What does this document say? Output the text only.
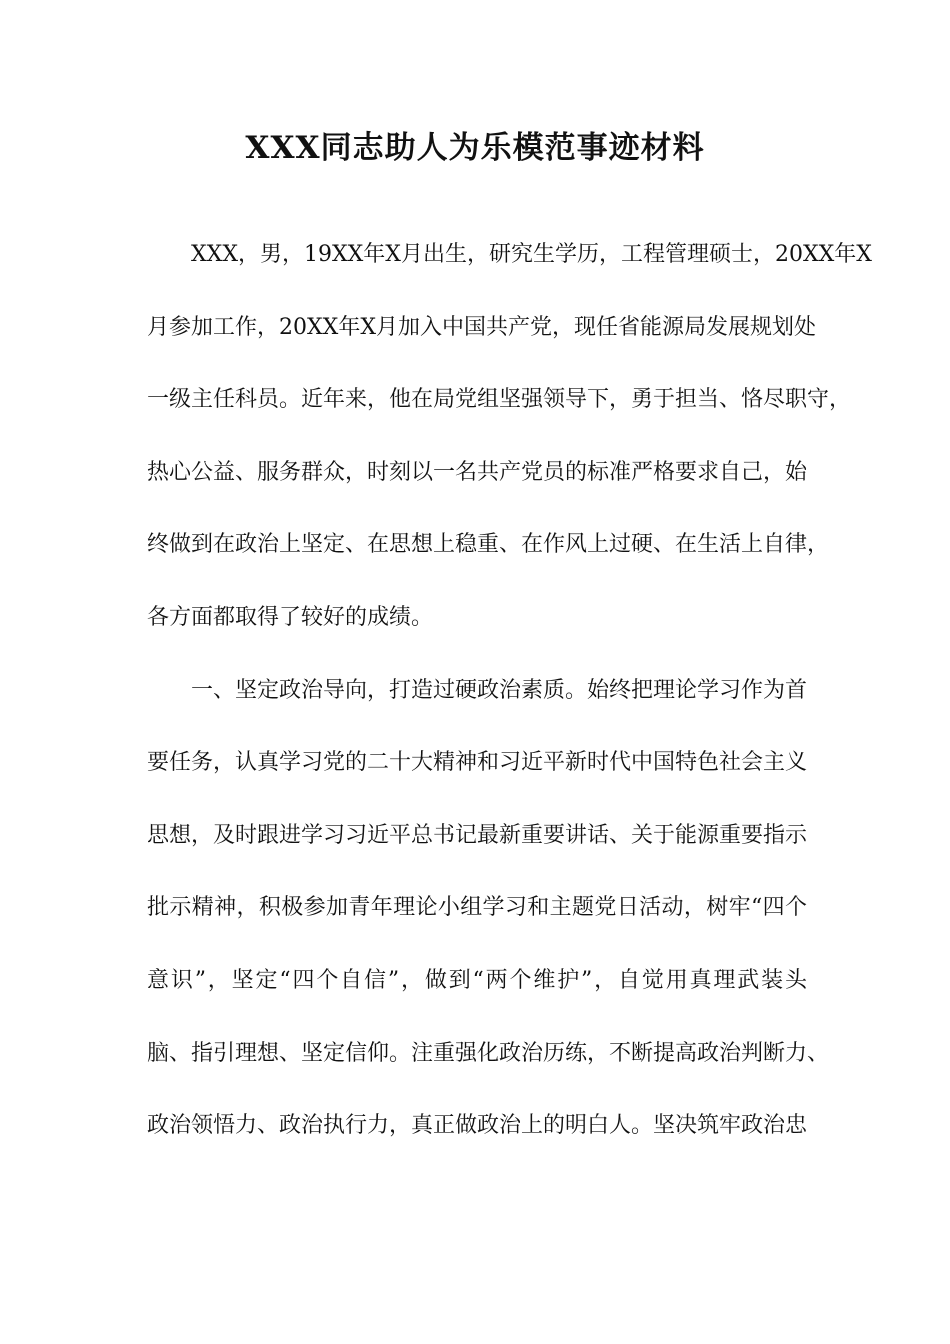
XXX同志助人为乐模范事迹材料
XXX，男，19XX年X月出生，研究生学历，工程管理硕士，20XX年X
月参加工作，20XX年X月加入中国共产党，现任省能源局发展规划处
一级主任科员。近年来，他在局党组坚强领导下，勇于担当、恪尽职守，
热心公益、服务群众，时刻以一名共产党员的标准严格要求自己，始
终做到在政治上坚定、在思想上稳重、在作风上过硬、在生活上自律，
各方面都取得了较好的成绩。
一、坚定政治导向，打造过硬政治素质。始终把理论学习作为首
要任务，认真学习党的二十大精神和习近平新时代中国特色社会主义
思想，及时跟进学习习近平总书记最新重要讲话、关于能源重要指示
批示精神，积极参加青年理论小组学习和主题党日活动，树牢“四个
意识”，坚定“四个自信”，做到“两个维护”，自觉用真理武装头
脑、指引理想、坚定信仰。注重强化政治历练，不断提高政治判断力、
政治领悟力、政治执行力，真正做政治上的明白人。坚决筑牢政治忠
